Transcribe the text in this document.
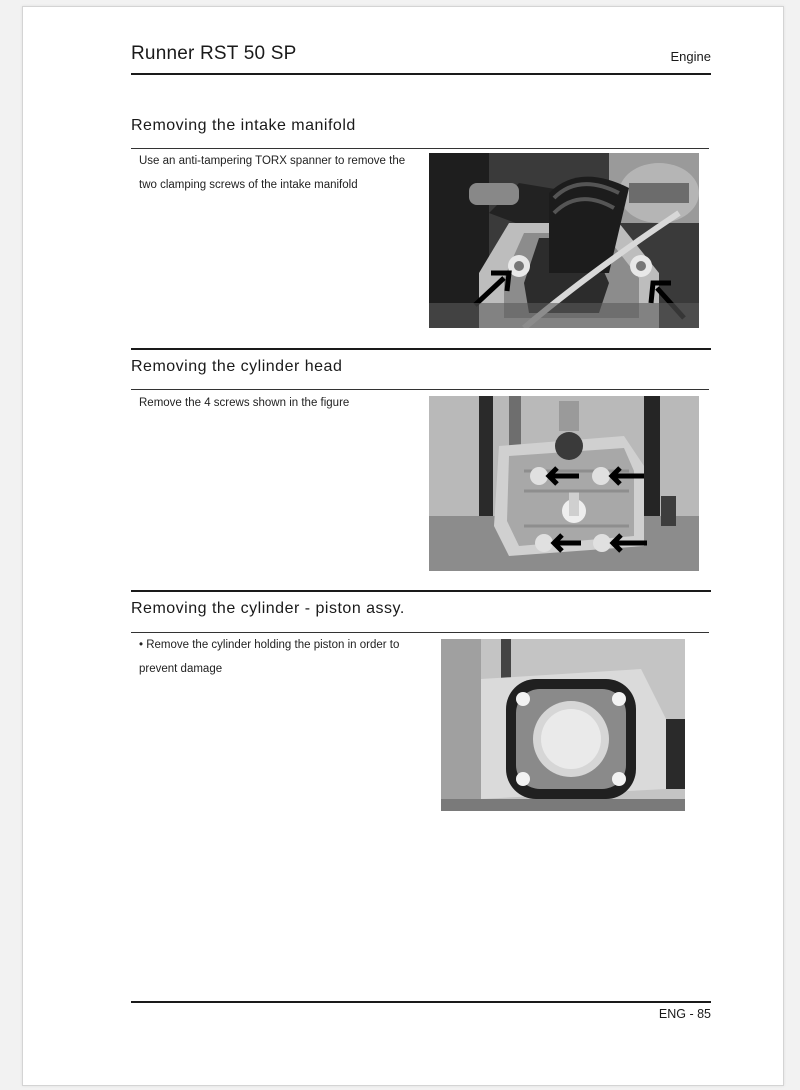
Runner RST 50 SP	Engine
Removing the intake manifold
Use an anti-tampering TORX spanner to remove the two clamping screws of the intake manifold
Removing the cylinder head
Remove the 4 screws shown in the figure
Removing the cylinder - piston assy.
• Remove the cylinder holding the piston in order to prevent damage
ENG - 85
